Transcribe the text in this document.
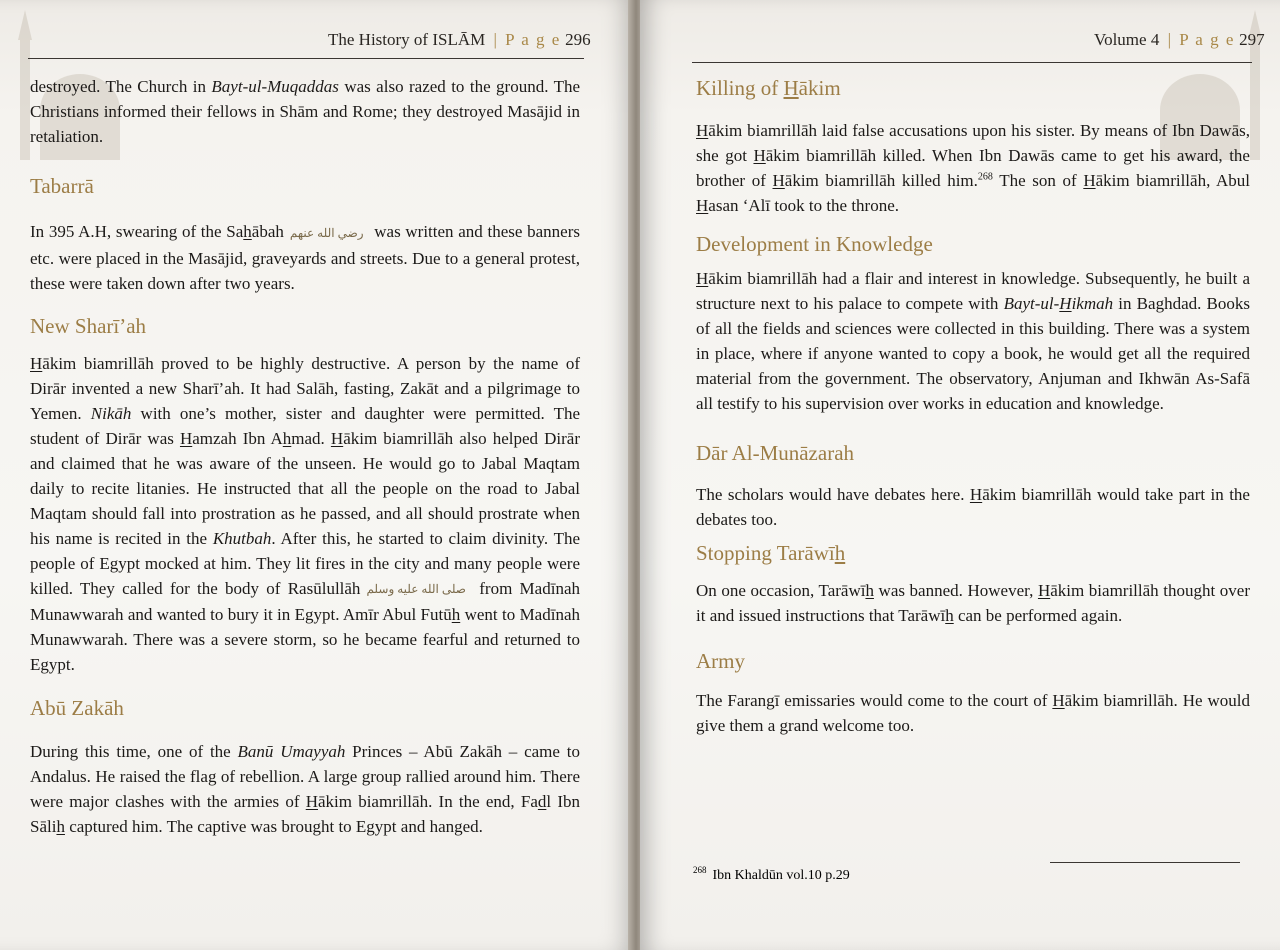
The History of ISLĀM | P a g e 296

destroyed. The Church in Bayt-ul-Muqaddas was also razed to the ground. The Christians informed their fellows in Shām and Rome; they destroyed Masājid in retaliation.

Tabarrā

In 395 A.H, swearing of the Sahābah رضي الله عنهم was written and these banners etc. were placed in the Masājid, graveyards and streets. Due to a general protest, these were taken down after two years.

New Sharī’ah

Hākim biamrillāh proved to be highly destructive. A person by the name of Dirār invented a new Sharī’ah. It had Salāh, fasting, Zakāt and a pilgrimage to Yemen. Nikāh with one’s mother, sister and daughter were permitted. The student of Dirār was Hamzah Ibn Ahmad. Hākim biamrillāh also helped Dirār and claimed that he was aware of the unseen. He would go to Jabal Maqtam daily to recite litanies. He instructed that all the people on the road to Jabal Maqtam should fall into prostration as he passed, and all should prostrate when his name is recited in the Khutbah. After this, he started to claim divinity. The people of Egypt mocked at him. They lit fires in the city and many people were killed. They called for the body of Rasūlullāh صلى الله عليه وسلم from Madīnah Munawwarah and wanted to bury it in Egypt. Amīr Abul Futūh went to Madīnah Munawwarah. There was a severe storm, so he became fearful and returned to Egypt.

Abū Zakāh

During this time, one of the Banū Umayyah Princes – Abū Zakāh – came to Andalus. He raised the flag of rebellion. A large group rallied around him. There were major clashes with the armies of Hākim biamrillāh. In the end, Fadl Ibn Sālih captured him. The captive was brought to Egypt and hanged.

Volume 4 | P a g e 297
Killing of Hākim

Hākim biamrillāh laid false accusations upon his sister. By means of Ibn Dawās, she got Hākim biamrillāh killed. When Ibn Dawās came to get his award, the brother of Hākim biamrillāh killed him.$^{268}$ The son of Hākim biamrillāh, Abul Hasan ‘Alī took to the throne.

Development in Knowledge

Hākim biamrillāh had a flair and interest in knowledge. Subsequently, he built a structure next to his palace to compete with Bayt-ul-Hikmah in Baghdad. Books of all the fields and sciences were collected in this building. There was a system in place, where if anyone wanted to copy a book, he would get all the required material from the government. The observatory, Anjuman and Ikhwān As-Safā all testify to his supervision over works in education and knowledge.

Dār Al-Munāzarah

The scholars would have debates here. Hākim biamrillāh would take part in the debates too.

Stopping Tarāwīh

On one occasion, Tarāwīh was banned. However, Hākim biamrillāh thought over it and issued instructions that Tarāwīh can be performed again.

Army

The Farangī emissaries would come to the court of Hākim biamrillāh. He would give them a grand welcome too.

$^{268}$ Ibn Khaldūn vol.10 p.29
